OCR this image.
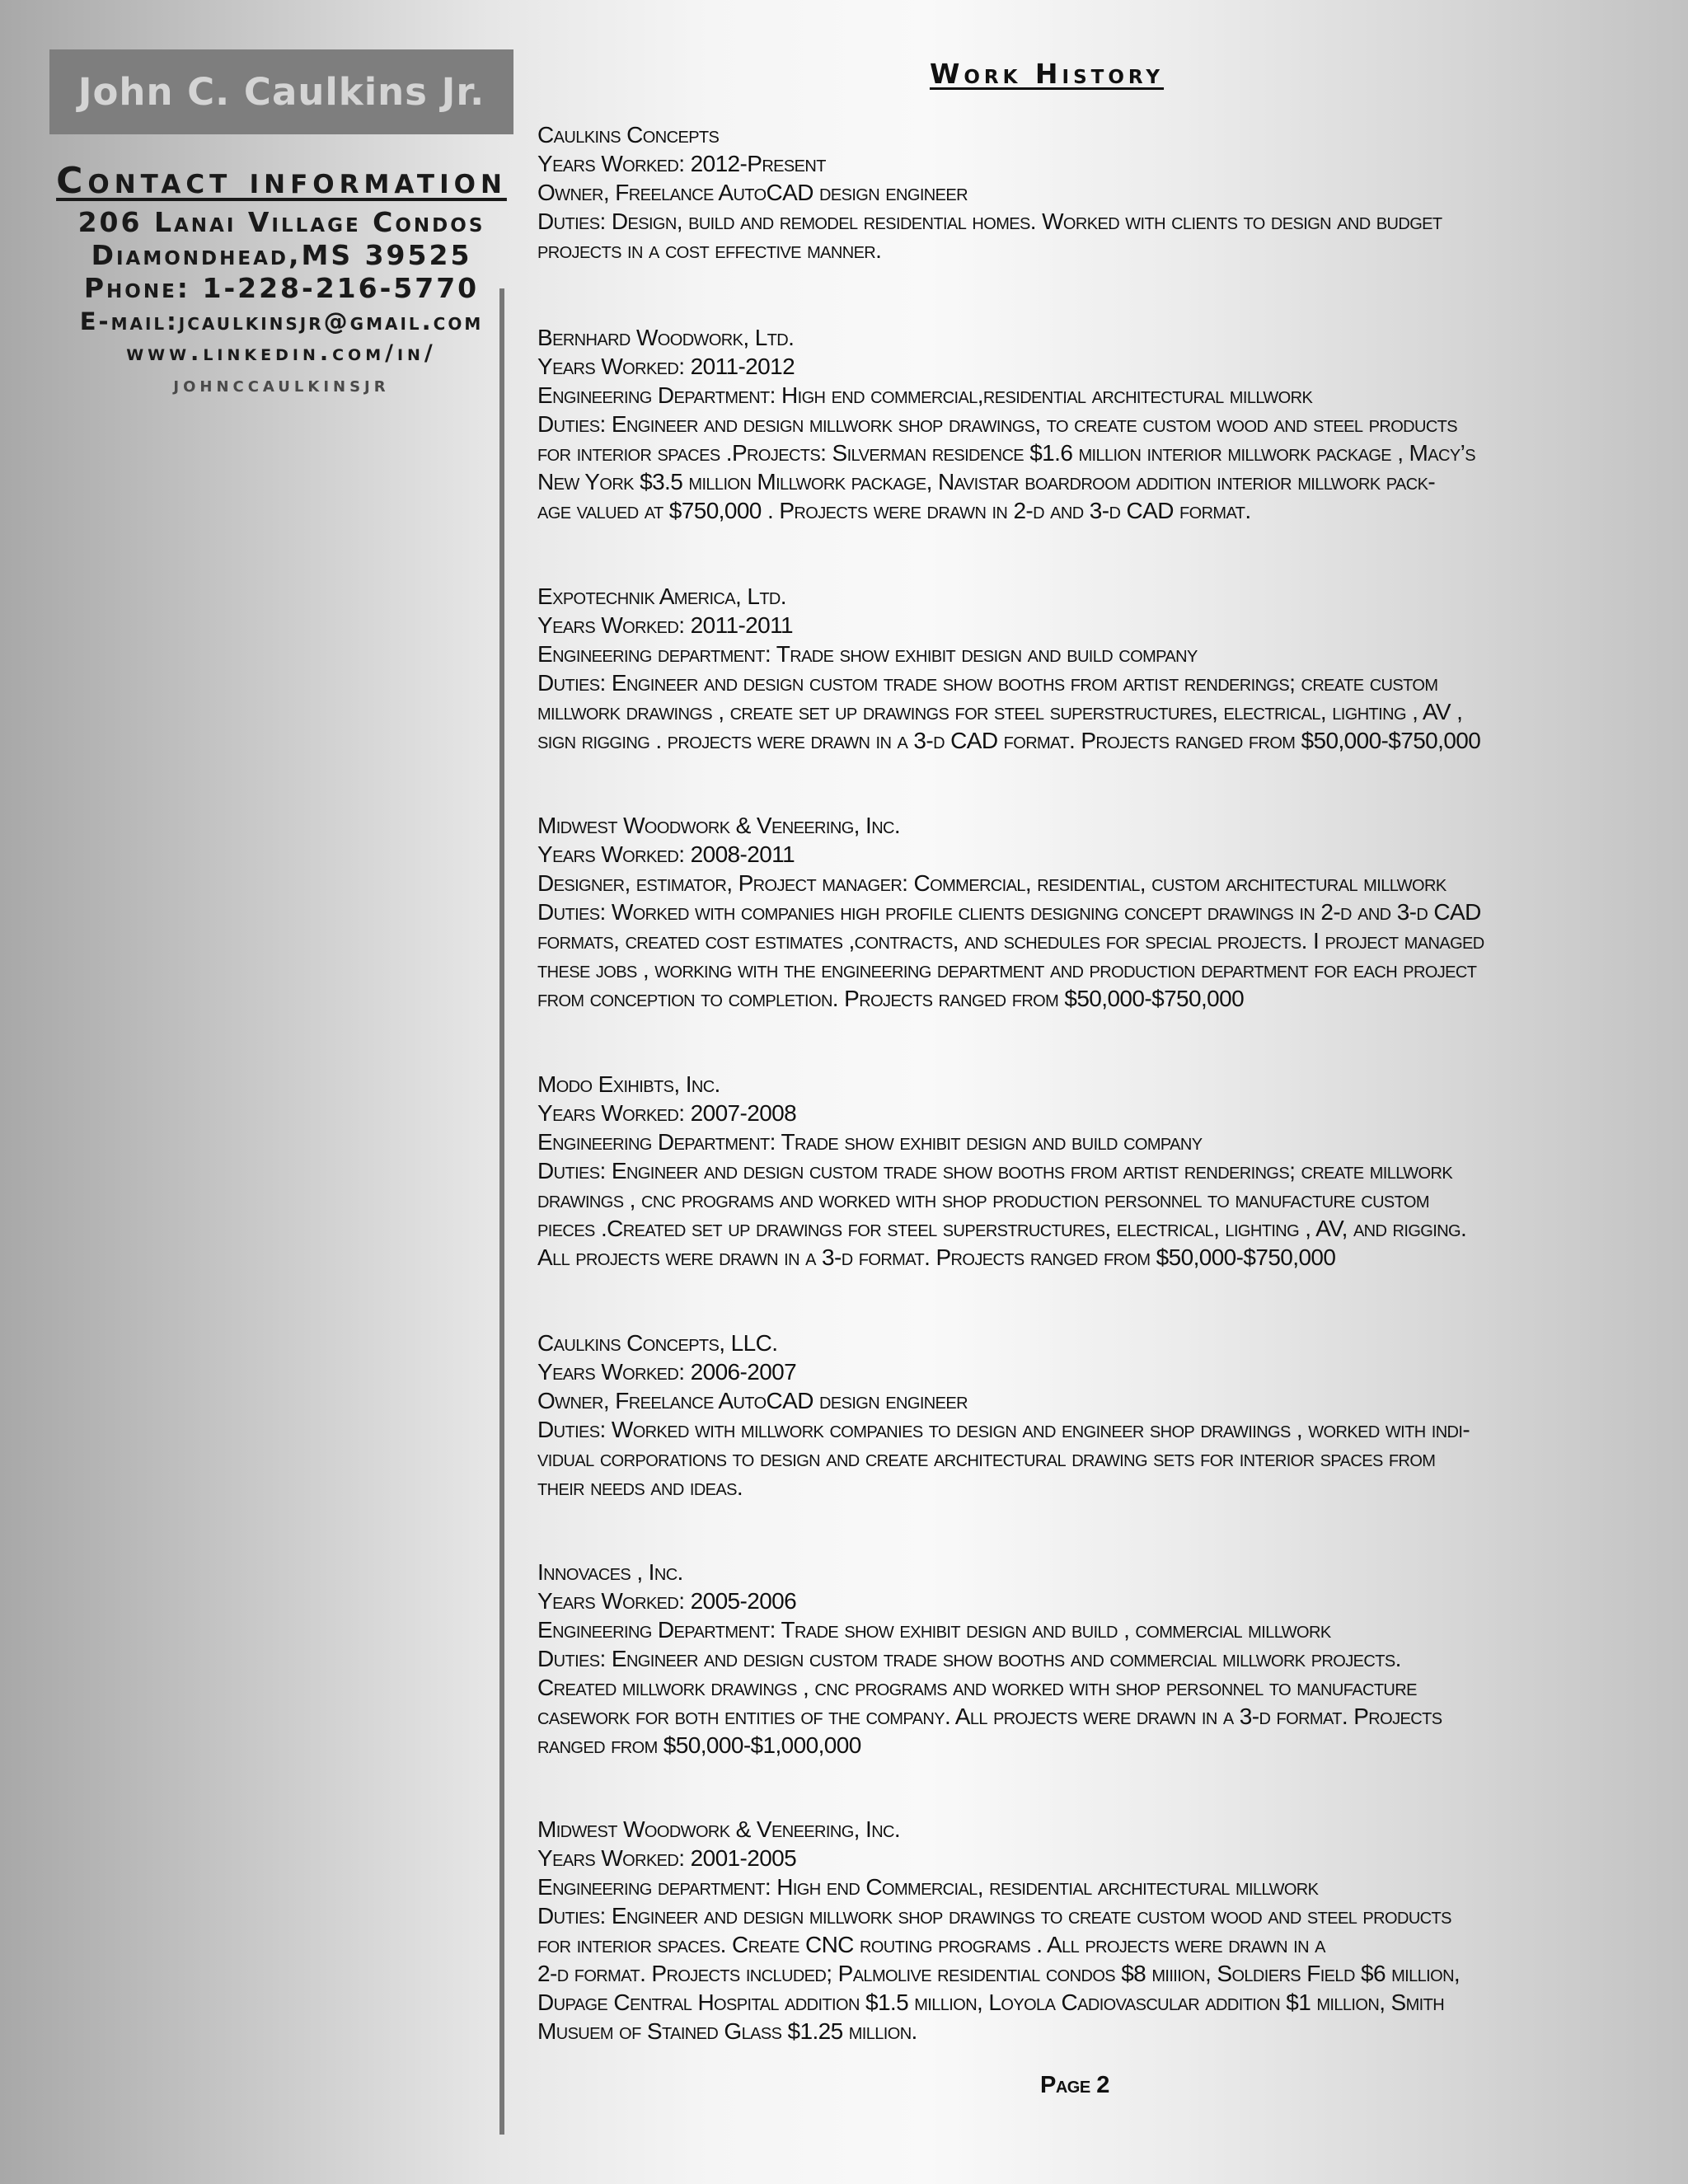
John C. Caulkins Jr.
Contact information
206 Lanai Village Condos
Diamondhead,MS 39525
Phone: 1-228-216-5770
E-mail:jcaulkinsjr@gmail.com
www.linkedin.com/in/
johnccaulkinsjr
Work History
Caulkins Concepts
Years Worked: 2012-Present
Owner, Freelance AutoCAD design engineer
Duties: Design, build and remodel residential homes. Worked with clients to design and budget
projects in a cost effective manner.
Bernhard Woodwork, Ltd.
Years Worked: 2011-2012
Engineering Department: High end commercial,residential architectural millwork
Duties: Engineer and design millwork shop drawings, to create custom wood and steel products
for interior spaces .Projects: Silverman residence $1.6 million interior millwork package , Macy’s
New York $3.5 million Millwork package, Navistar boardroom addition interior millwork pack-
age valued at $750,000 . Projects were drawn in 2-d and 3-d CAD format.
Expotechnik America, Ltd.
Years Worked: 2011-2011
Engineering department: Trade show exhibit design and build company
Duties: Engineer and design custom trade show booths from artist renderings; create custom
millwork drawings , create set up drawings for steel superstructures, electrical, lighting , AV ,
sign rigging . projects were drawn in a 3-d CAD format. Projects ranged from $50,000-$750,000
Midwest Woodwork & Veneering, Inc.
Years Worked: 2008-2011
Designer, estimator, Project manager: Commercial, residential, custom architectural millwork
Duties: Worked with companies high profile clients designing concept drawings in 2-d and 3-d CAD
formats, created cost estimates ,contracts, and schedules for special projects. I project managed
these jobs , working with the engineering department and production department for each project
from conception to completion. Projects ranged from $50,000-$750,000
Modo Exihibts, Inc.
Years Worked: 2007-2008
Engineering Department: Trade show exhibit design and build company
Duties: Engineer and design custom trade show booths from artist renderings; create millwork
drawings , cnc programs and worked with shop production personnel to manufacture custom
pieces .Created set up drawings for steel superstructures, electrical, lighting , AV, and rigging.
All projects were drawn in a 3-d format. Projects ranged from $50,000-$750,000
Caulkins Concepts, LLC.
Years Worked: 2006-2007
Owner, Freelance AutoCAD design engineer
Duties: Worked with millwork companies to design and engineer shop drawiings , worked with indi-
vidual corporations to design and create architectural drawing sets for interior spaces from
their needs and ideas.
Innovaces , Inc.
Years Worked: 2005-2006
Engineering Department: Trade show exhibit design and build , commercial millwork
Duties: Engineer and design custom trade show booths and commercial millwork projects.
Created millwork drawings , cnc programs and worked with shop personnel to manufacture
casework for both entities of the company. All projects were drawn in a 3-d format. Projects
ranged from $50,000-$1,000,000
Midwest Woodwork & Veneering, Inc.
Years Worked: 2001-2005
Engineering department: High end Commercial, residential architectural millwork
Duties: Engineer and design millwork shop drawings to create custom wood and steel products
for interior spaces. Create CNC routing programs . All projects were drawn in a
2-d format. Projects included; Palmolive residential condos $8 miiiion, Soldiers Field $6 million,
Dupage Central Hospital addition $1.5 million, Loyola Cadiovascular addition $1 million, Smith
Musuem of Stained Glass $1.25 million.
Page 2
